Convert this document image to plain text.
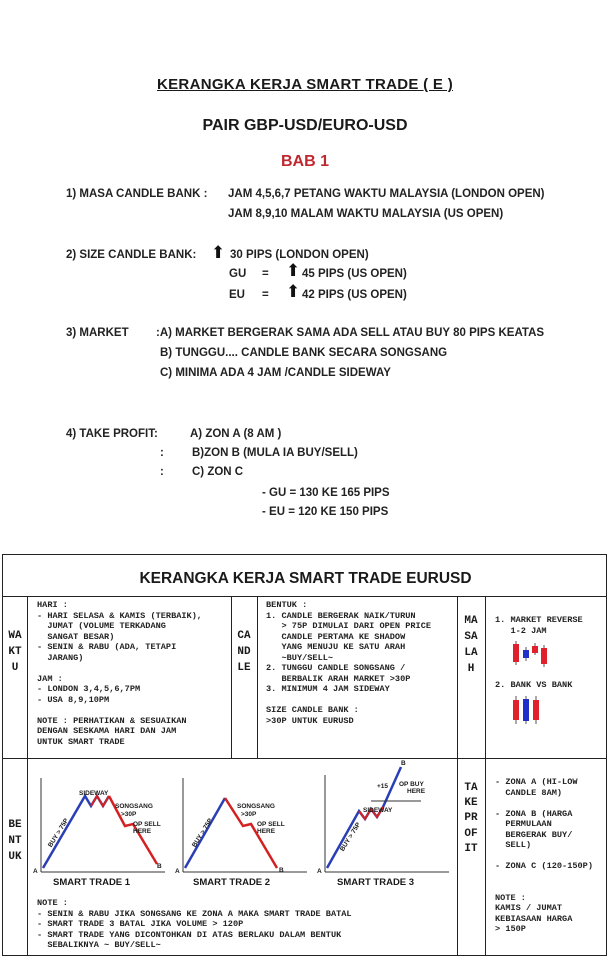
KERANGKA KERJA SMART TRADE ( E )
PAIR GBP-USD/EURO-USD
BAB 1
1) MASA CANDLE BANK : JAM 4,5,6,7 PETANG WAKTU MALAYSIA (LONDON OPEN)
JAM 8,9,10 MALAM WAKTU MALAYSIA (US OPEN)
2) SIZE CANDLE BANK: ⬆ 30 PIPS (LONDON OPEN)
GU = ⬆ 45 PIPS (US OPEN)
EU = ⬆ 42 PIPS (US OPEN)
3) MARKET :A) MARKET BERGERAK SAMA ADA SELL ATAU BUY 80 PIPS KEATAS
B) TUNGGU.... CANDLE BANK SECARA SONGSANG
C) MINIMA ADA 4 JAM /CANDLE SIDEWAY
4) TAKE PROFIT:	A) ZON A (8 AM )
: B)ZON B (MULA IA BUY/SELL)
: C) ZON C
- GU = 130 KE 165 PIPS
- EU = 120 KE 150 PIPS
KERANGKA KERJA SMART TRADE EURUSD
WAKTU
CANDLE
MASALAH
BENTUK
TAKE PROFIT
HARI :
- HARI SELASA & KAMIS (TERBAIK),
JUMAT (VOLUME TERKADANG
SANGAT BESAR)
- SENIN & RABU (ADA, TETAPI
JARANG)

JAM :
- LONDON 3,4,5,6,7PM
- USA 8,9,10PM

NOTE : PERHATIKAN & SESUAIKAN
DENGAN SESKAMA HARI DAN JAM
UNTUK SMART TRADE
BENTUK :
1. CANDLE BERGERAK NAIK/TURUN
> 75P DIMULAI DARI OPEN PRICE
CANDLE PERTAMA KE SHADOW
YANG MENUJU KE SATU ARAH
~BUY/SELL~
2. TUNGGU CANDLE SONGSANG /
BERBALIK ARAH MARKET >30P
3. MINIMUM 4 JAM SIDEWAY

SIZE CANDLE BANK :
>30P UNTUK EURUSD
1. MARKET REVERSE
1-2 JAM
2. BANK VS BANK
SIDEWAY
BUY > 75P
SONGSANG
>30P
OP SELL
HERE
A
B
SMART TRADE 1
BUY > 75P
SONGSANG
>30P
OP SELL
HERE
A	B
SMART TRADE 2
BUY > 75P
SIDEWAY
+15 OP BUY
HERE
A
B
SMART TRADE 3
- ZONA A (HI-LOW
CANDLE 8AM)

- ZONA B (HARGA
PERMULAAN
BERGERAK BUY/
SELL)

- ZONA C (120-150P)

NOTE :
KAMIS / JUMAT
KEBIASAAN HARGA
> 150P
NOTE :
- SENIN & RABU JIKA SONGSANG KE ZONA A MAKA SMART TRADE BATAL
- SMART TRADE 3 BATAL JIKA VOLUME > 120P
- SMART TRADE YANG DICONTOHKAN DI ATAS BERLAKU DALAM BENTUK
SEBALIKNYA ~ BUY/SELL~
